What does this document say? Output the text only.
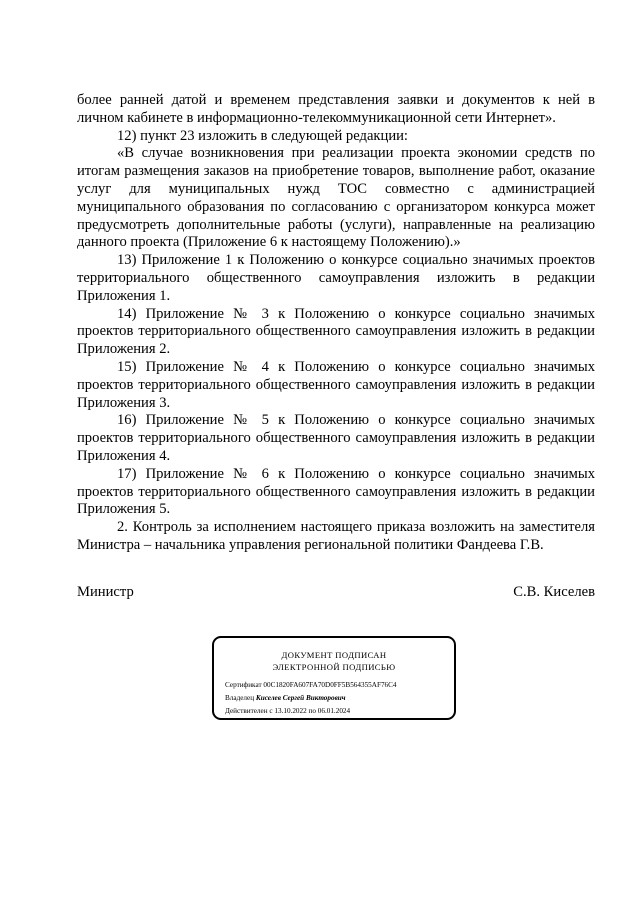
более ранней датой и временем представления заявки и документов к ней в личном кабинете в информационно-телекоммуникационной сети Интернет».

12) пункт 23 изложить в следующей редакции:

«В случае возникновения при реализации проекта экономии средств по итогам размещения заказов на приобретение товаров, выполнение работ, оказание услуг для муниципальных нужд ТОС совместно с администрацией муниципального образования по согласованию с организатором конкурса может предусмотреть дополнительные работы (услуги), направленные на реализацию данного проекта (Приложение 6 к настоящему Положению).»

13) Приложение 1 к Положению о конкурсе социально значимых проектов территориального общественного самоуправления изложить в редакции Приложения 1.

14) Приложение № 3 к Положению о конкурсе социально значимых проектов территориального общественного самоуправления изложить в редакции Приложения 2.

15) Приложение № 4 к Положению о конкурсе социально значимых проектов территориального общественного самоуправления изложить в редакции Приложения 3.

16) Приложение № 5 к Положению о конкурсе социально значимых проектов территориального общественного самоуправления изложить в редакции Приложения 4.

17) Приложение № 6 к Положению о конкурсе социально значимых проектов территориального общественного самоуправления изложить в редакции Приложения 5.

2. Контроль за исполнением настоящего приказа возложить на заместителя Министра – начальника управления региональной политики Фандеева Г.В.

Министр	С.В. Киселев
ДОКУМЕНТ ПОДПИСАН
ЭЛЕКТРОННОЙ ПОДПИСЬЮ
Сертификат 00C1820FA607FA70D0FF5B564355AF76C4
Владелец Киселев Сергей Викторович
Действителен с 13.10.2022 по 06.01.2024
